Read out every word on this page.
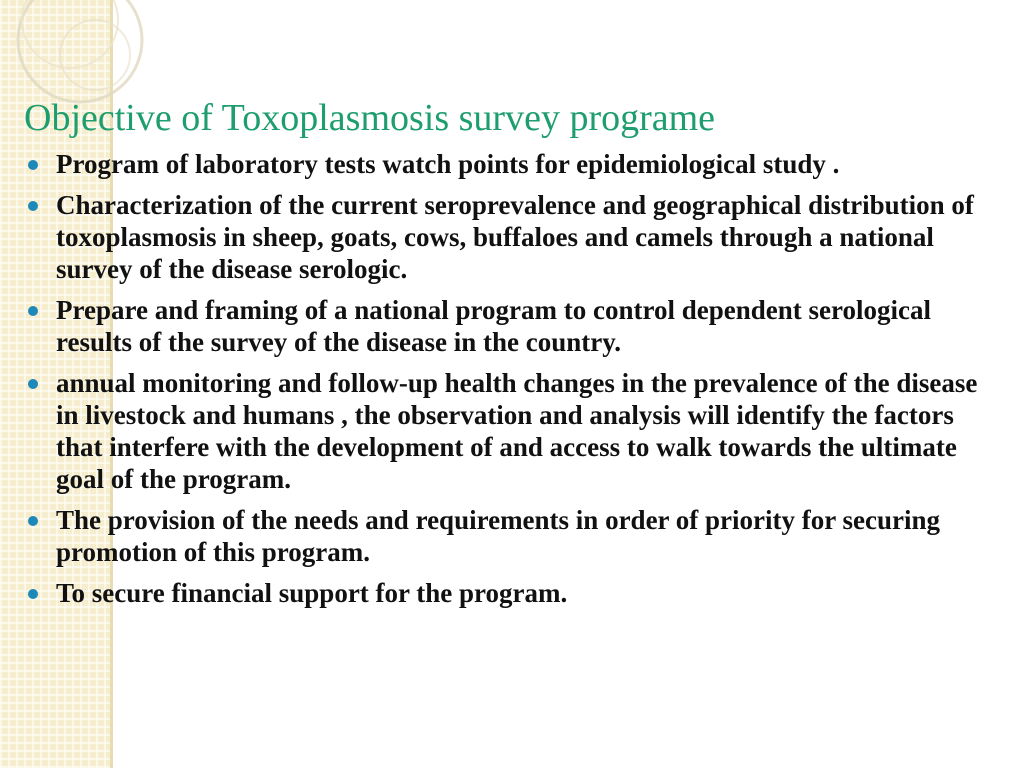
Objective of Toxoplasmosis survey programe
Program of laboratory tests watch points for epidemiological study .
Characterization of the current seroprevalence and geographical distribution of toxoplasmosis in sheep, goats, cows, buffaloes and camels through a national survey of the disease serologic.
Prepare and framing of a national program to control dependent serological results of the survey of the disease in the country.
annual monitoring and follow-up health changes in the prevalence of the disease in livestock and humans , the observation and analysis will identify the factors that interfere with the development of and access to walk towards the ultimate goal of the program.
The provision of the needs and requirements in order of priority for securing promotion of this program.
To secure financial support for the program.
